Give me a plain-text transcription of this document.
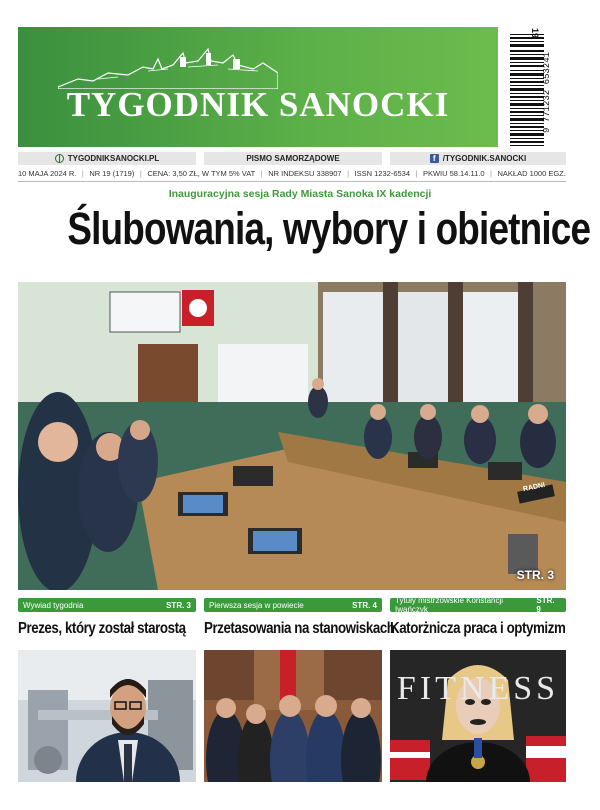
TYGODNIK SANOCKI	9 771232 653241
19
TYGODNIKSANOCKI.PL	PISMO SAMORZĄDOWE	f /TYGODNIK.SANOCKI
10 MAJA 2024 R. | NR 19 (1719) | CENA: 3,50 ZŁ, W TYM 5% VAT | NR INDEKSU 338907 | ISSN 1232-6534 | PKWIU 58.14.11.0 | NAKŁAD 1000 EGZ.
Inauguracyjna sesja Rady Miasta Sanoka IX kadencji
Ślubowania, wybory i obietnice
RADNI
STR. 3
Wywiad tygodnia	STR. 3
Prezes, który został starostą
Pierwsza sesja w powiecie	STR. 4
Przetasowania na stanowiskach
Tytuły mistrzowskie Konstancji Iwańczyk
STR. 9
Katorżnicza praca i optymizm
FITNESS
